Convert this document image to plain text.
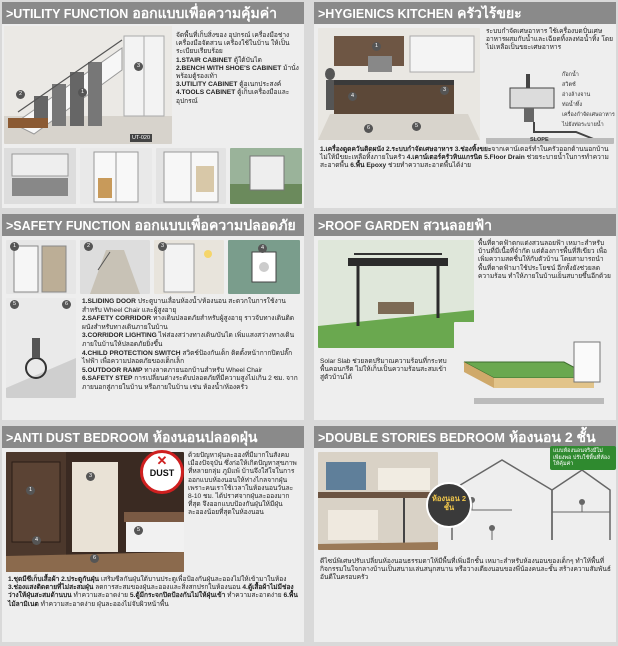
>UTILITY FUNCTION ออกแบบเพื่อความคุ้มค่า
UT-020
1
2
3

จัดพื้นที่เก็บสิ่งของ อุปกรณ์ เครื่องมือช่าง เครื่องมือจัดสวน เครื่องใช้ในบ้าน ให้เป็นระเบียบเรียบร้อย

1.STAIR CABINET ตู้ใต้บันได

2.BENCH WITH SHOE'S CABINET ม้านั่งพร้อมตู้รองเท้า

3.UTILITY CABINET ตู้อเนกประสงค์

4.TOOLS CABINET ตู้เก็บเครื่องมือและอุปกรณ์

>HYGIENICS KITCHEN ครัวไร้ขยะ
1
3
4
5
6
ระบบกำจัดเศษอาหาร ใช้เครื่องบดปั่นเศษอาหารผสมกับน้ำและเฉียดทิ้งลงท่อน้ำทิ้ง โดยไม่เหลือเป็นขยะเศษอาหาร
ก๊อกน้ำ
สวิตช์
อ่างล้างจาน
ท่อน้ำทิ้ง
เครื่องกำจัดเศษอาหาร
ไปยังท่อระบายน้ำ
SLOPE
1.เครื่องดูดควันติดผนัง 2.ระบบกำจัดเศษอาหาร 3.ช่องทิ้งขยะจากเคาน์เตอร์ทำในครัวออกด้านนอกบ้านไม่ให้มีขยะเหลือทิ้งภายในครัว 4.เคาน์เตอร์ครัวหินแกรนิต 5.Floor Drain ช่วยระบายน้ำในการทำความสะอาดพื้น 6.พื้น Epoxy ช่วยทำความสะอาดพื้นได้ง่าย
>SAFETY FUNCTION ออกแบบเพื่อความปลอดภัย
1	2	3	4
5	6	1.SLIDING DOOR ประตูบานเลื่อนห้องน้ำ/ห้องนอน สะดวกในการใช้งานสำหรับ Wheel Chair และผู้สูงอายุ

2.SAFETY CORRIDOR ทางเดินปลอดภัยสำหรับผู้สูงอายุ ราวจับทางเดินติดผนังสำหรับทางเดินภายในบ้าน

3.CORRIDOR LIGHTING ไฟส่องสว่างทางเดิน/บันได เพิ่มแสงสว่างทางเดินภายในบ้านให้ปลอดภัยยิ่งขึ้น

4.CHILD PROTECTION SWITCH สวิตช์ป้องกันเด็ก ติดตั้งหน้ากากปิดปลั๊กไฟฟ้า เพื่อความปลอดภัยของเด็กเล็ก

5.OUTDOOR RAMP ทางลาดภายนอกบ้านสำหรับ Wheel Chair

6.SAFETY STEP การเปลี่ยนต่างระดับปลอดภัยที่มีความสูงไม่เกิน 2 ซม. จากภายนอกสู่ภายในบ้าน หรือภายในบ้าน เช่น ห้องน้ำ/ห้องครัว

>ROOF GARDEN สวนลอยฟ้า
พื้นที่ดาดฟ้าตกแต่งสวนลอยฟ้า เหมาะสำหรับบ้านที่มีเนื้อที่จำกัด แต่ต้องการพื้นที่สีเขียว เพื่อเพิ่มความสดชื่นให้กับตัวบ้าน โดยสามารถนำพื้นที่ดาดฟ้ามาใช้ประโยชน์ อีกทั้งยังช่วยลดความร้อน ทำให้ภายในบ้านเย็นสบายขึ้นอีกด้วย
Solar Slab ช่วยลดปริมาณความร้อนที่กระทบพื้นคอนกรีต ไม่ให้เก็บเป็นความร้อนสะสมเข้าสู่ตัวบ้านได้
>ANTI DUST BEDROOM ห้องนอนปลอดฝุ่น
1
3
4
5
6
✕
DUST
ด้วยปัญหาฝุ่นละอองที่มีมากในสังคมเมืองปัจจุบัน ซึ่งก่อให้เกิดปัญหาสุขภาพที่หลายกลุ่ม ภูมิแพ้ บ้านจึงใส่ใจในการออกแบบห้องนอนให้ห่างไกลจากฝุ่น เพราะคนเราใช้เวลาในห้องนอนวันละ 8-10 ชม. ได้ปราศจากฝุ่นละอองมากที่สุด จึงออกแบบป้องกันฝุ่นให้มีฝุ่นละอองน้อยที่สุดในห้องนอน
1.ชุดมีซีเก็บเสื้อผ้า 2.ประตูกันฝุ่น เสริมซีลกันฝุ่นใต้บานประตูเพื่อป้องกันฝุ่นละอองไม่ให้เข้ามาในห้อง 3.ช่องแสงติดตายที่ไม่สะสมฝุ่น ลดการสะสมของฝุ่นละอองและสิ่งสกปรกในห้องนอน 4.ตู้เสื้อผ้าไม่มีช่องว่างให้ฝุ่นสะสมด้านบน ทำความสะอาดง่าย 5.ตู้มีกระจกปิดป้องกันไม่ให้ฝุ่นเข้า ทำความสะอาดง่าย 6.พื้นไม้ลามิเนต ทำความสะอาดง่าย ฝุ่นละอองไม่จับผิวหน้าพื้น
>DOUBLE STORIES BEDROOM ห้องนอน 2 ชั้น
แบบห้องนอนจริงมีไม่เพียงพอ ปรับใช้พื้นที่ห้องให้คุ้มค่า
ห้องนอน 2 ชั้น
ดีไซน์พิเศษปรับเปลี่ยนห้องนอนธรรมดาให้มีพื้นที่เพิ่มอีกชั้น เหมาะสำหรับห้องนอนของเด็กๆ ทำให้พื้นที่กิจกรรมในใจกลางบ้านเป็นสนามเล่นสนุกสนาน หรือวางเตียงนอนของพี่น้องคนละชั้น สร้างความสัมพันธ์อันดีในครอบครัว
